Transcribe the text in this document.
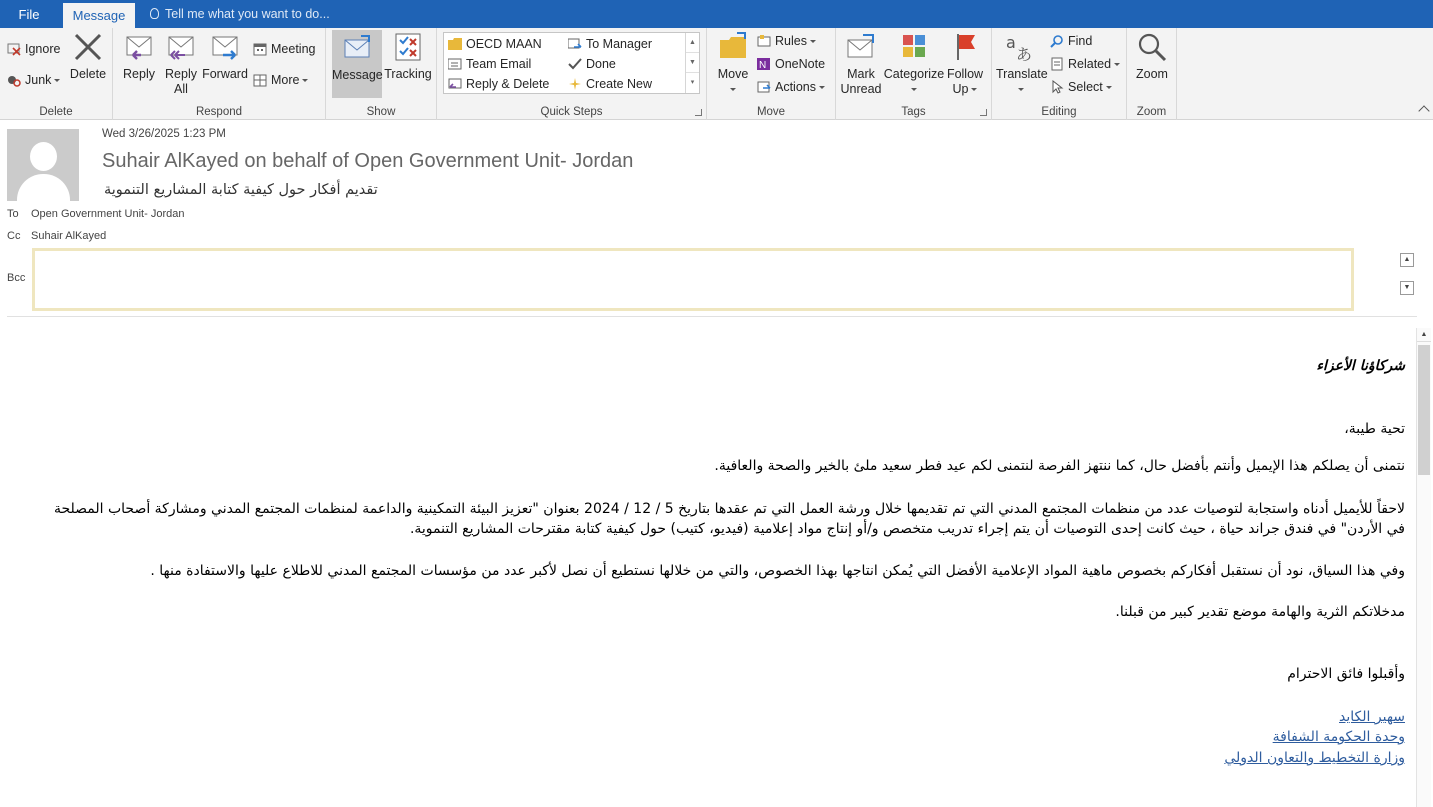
File	Message	Tell me what you want to do...
Ignore
Junk	Delete
Delete
Reply Reply
All
Forward
Meeting
More
Respond
Message Tracking
Show	Quick Steps
OECD MAAN	To Manager
Team Email	Done
Reply & Delete	Create New
▲
▼
▾
Move
Rules
N OneNote
Actions
Move
Mark
Unread
Categorize Follow
Up
Tags
a
あ
Translate
Find
Related
Select
Editing
Zoom
Zoom
Wed 3/26/2025 1:23 PM
Suhair AlKayed on behalf of Open Government Unit- Jordan
تقديم أفكار حول كيفية كتابة المشاريع التنموية
To Open Government Unit- Jordan
Cc Suhair AlKayed
Bcc
▲
▼
شركاؤنا الأعزاء
تحية طيبة،
نتمنى أن يصلكم هذا الإيميل وأنتم بأفضل حال، كما ننتهز الفرصة لنتمنى لكم عيد فطر سعيد ملئ بالخير والصحة والعافية.
لاحقاً للأيميل أدناه واستجابة لتوصيات عدد من منظمات المجتمع المدني التي تم تقديمها خلال ورشة العمل التي تم عقدها بتاريخ 5 / 12 / 2024 بعنوان "تعزيز البيئة التمكينية والداعمة لمنظمات المجتمع المدني ومشاركة أصحاب المصلحة في الأردن" في فندق جراند حياة ، حيث كانت إحدى التوصيات أن يتم إجراء تدريب متخصص و/أو إنتاج مواد إعلامية (فيديو، كتيب) حول كيفية كتابة مقترحات المشاريع التنموية.
وفي هذا السياق، نود أن نستقبل أفكاركم بخصوص ماهية المواد الإعلامية الأفضل التي يُمكن انتاجها بهذا الخصوص، والتي من خلالها نستطيع أن نصل لأكبر عدد من مؤسسات المجتمع المدني للاطلاع عليها والاستفادة منها .
مدخلاتكم الثرية والهامة موضع تقدير كبير من قبلنا.
وأقبلوا فائق الاحترام
سهير الكايد
وحدة الحكومة الشفافة
وزارة التخطيط والتعاون الدولي
▲
